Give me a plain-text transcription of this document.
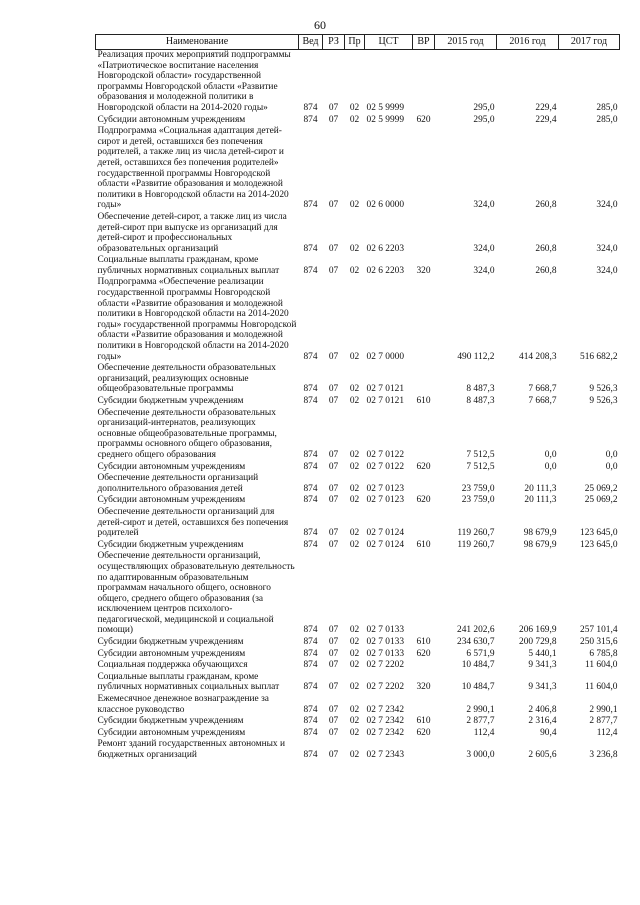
60
Наименование	Вед	РЗ	Пр	ЦСТ	ВР	2015 год	2016 год	2017 год
Реализация прочих мероприятий подпрограммы «Патриотическое воспитание населения Новгородской области» государственной программы Новгородской области «Развитие образования и молодежной политики в Новгородской области на 2014-2020 годы»	874	07	02	02 5 9999		295,0	229,4	285,0
Субсидии автономным учреждениям	874	07	02	02 5 9999	620	295,0	229,4	285,0
Подпрограмма «Социальная адаптация детей-сирот и детей, оставшихся без попечения родителей, а также лиц из числа детей-сирот и детей, оставшихся без попечения родителей» государственной программы Новгородской области «Развитие образования и молодежной политики в Новгородской области на 2014-2020 годы»	874	07	02	02 6 0000		324,0	260,8	324,0
Обеспечение детей-сирот, а также лиц из числа детей-сирот при выпуске из организаций для детей-сирот и профессиональных образовательных организаций	874	07	02	02 6 2203		324,0	260,8	324,0
Социальные выплаты гражданам, кроме публичных нормативных социальных выплат	874	07	02	02 6 2203	320	324,0	260,8	324,0
Подпрограмма «Обеспечение реализации государственной программы Новгородской области «Развитие образования и молодежной политики в Новгородской области на 2014-2020 годы» государственной программы Новгородской области «Развитие образования и молодежной политики в Новгородской области на 2014-2020 годы»	874	07	02	02 7 0000		490 112,2	414 208,3	516 682,2
Обеспечение деятельности образовательных организаций, реализующих основные общеобразовательные программы	874	07	02	02 7 0121		8 487,3	7 668,7	9 526,3
Субсидии бюджетным учреждениям	874	07	02	02 7 0121	610	8 487,3	7 668,7	9 526,3
Обеспечение деятельности образовательных организаций-интернатов, реализующих основные общеобразовательные программы, программы основного общего образования, среднего общего образования	874	07	02	02 7 0122		7 512,5	0,0	0,0
Субсидии автономным учреждениям	874	07	02	02 7 0122	620	7 512,5	0,0	0,0
Обеспечение деятельности организаций дополнительного образования детей	874	07	02	02 7 0123		23 759,0	20 111,3	25 069,2
Субсидии автономным учреждениям	874	07	02	02 7 0123	620	23 759,0	20 111,3	25 069,2
Обеспечение деятельности организаций для детей-сирот и детей, оставшихся без попечения родителей	874	07	02	02 7 0124		119 260,7	98 679,9	123 645,0
Субсидии бюджетным учреждениям	874	07	02	02 7 0124	610	119 260,7	98 679,9	123 645,0
Обеспечение деятельности организаций, осуществляющих образовательную деятельность по адаптированным образовательным программам начального общего, основного общего, среднего общего образования (за исключением центров психолого-педагогической, медицинской и социальной помощи)	874	07	02	02 7 0133		241 202,6	206 169,9	257 101,4
Субсидии бюджетным учреждениям	874	07	02	02 7 0133	610	234 630,7	200 729,8	250 315,6
Субсидии автономным учреждениям	874	07	02	02 7 0133	620	6 571,9	5 440,1	6 785,8
Социальная поддержка обучающихся	874	07	02	02 7 2202		10 484,7	9 341,3	11 604,0
Социальные выплаты гражданам, кроме публичных нормативных социальных выплат	874	07	02	02 7 2202	320	10 484,7	9 341,3	11 604,0
Ежемесячное денежное вознаграждение за классное руководство	874	07	02	02 7 2342		2 990,1	2 406,8	2 990,1
Субсидии бюджетным учреждениям	874	07	02	02 7 2342	610	2 877,7	2 316,4	2 877,7
Субсидии автономным учреждениям	874	07	02	02 7 2342	620	112,4	90,4	112,4
Ремонт зданий государственных автономных и бюджетных организаций	874	07	02	02 7 2343		3 000,0	2 605,6	3 236,8
